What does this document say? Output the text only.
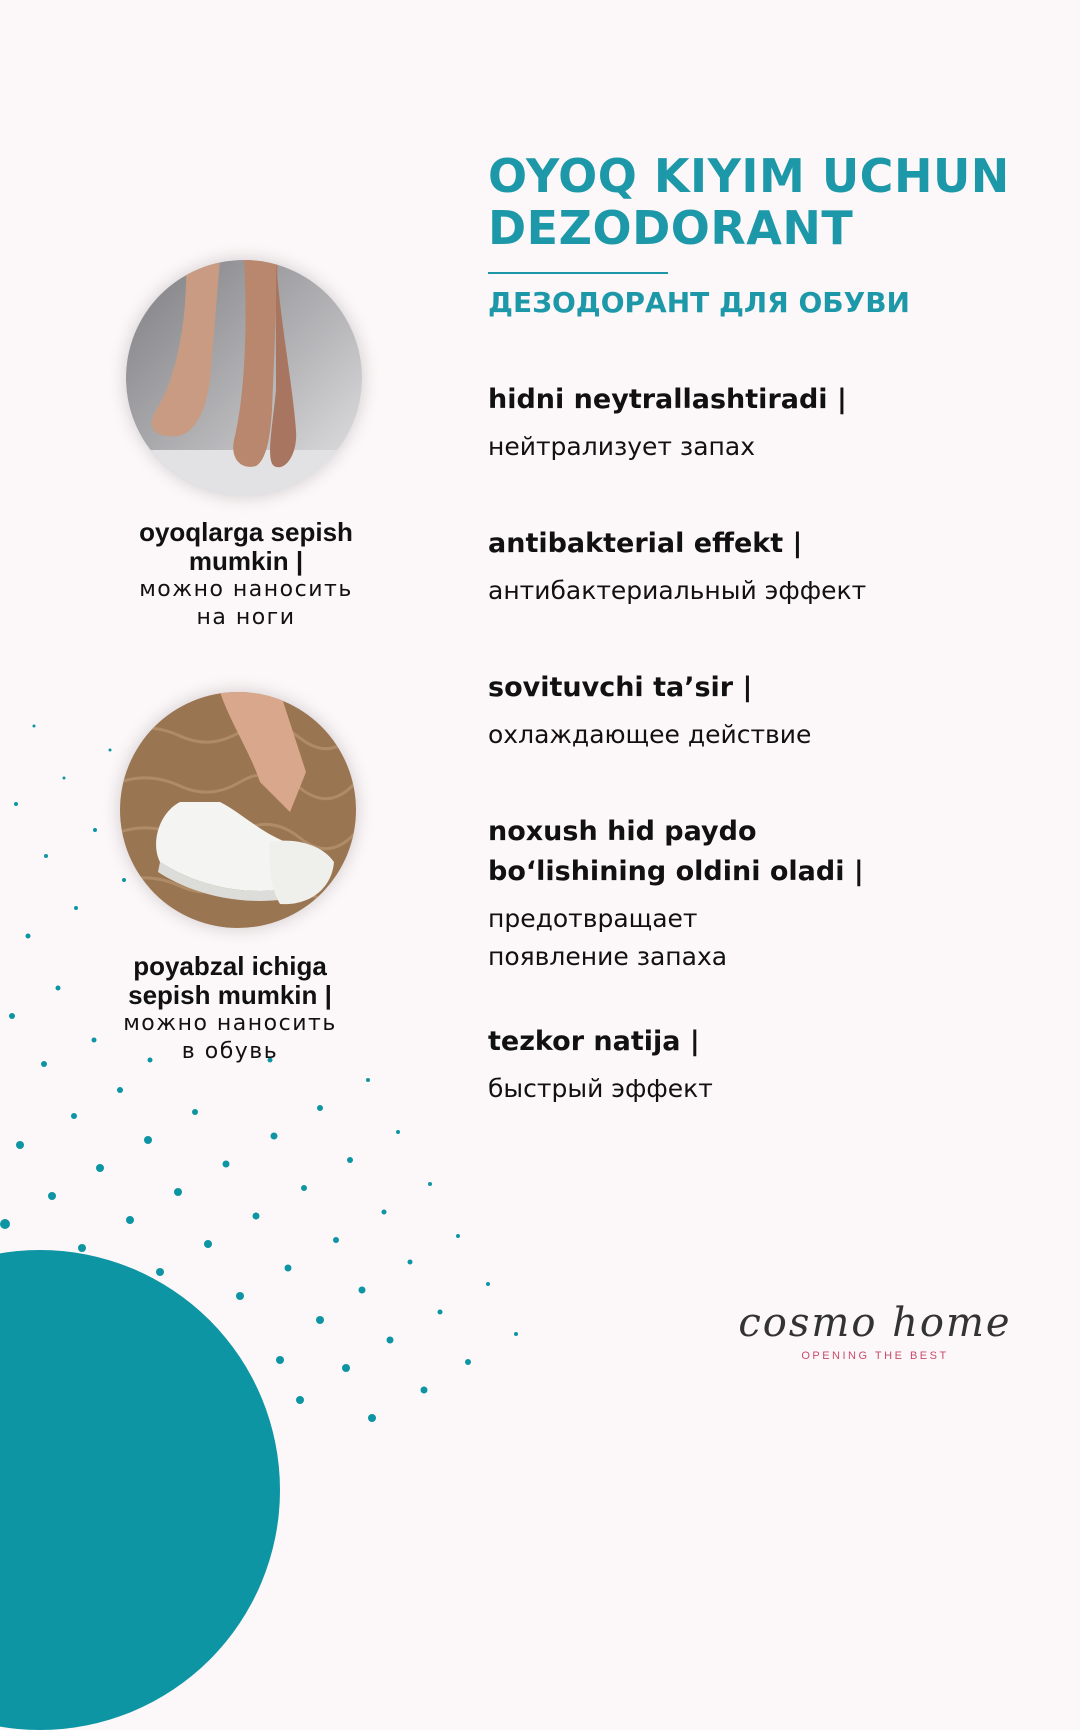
OYOQ KIYIM UCHUN DEZODORANT
ДЕЗОДОРАНТ ДЛЯ ОБУВИ
hidni neytrallashtiradi |
нейтрализует запах
antibakterial effekt |
антибактериальный эффект
sovituvchi ta’sir |
охлаждающее действие
noxush hid paydo
bo‘lishining oldini oladi |
предотвращает
появление запаха
tezkor natija |
быстрый эффект
oyoqlarga sepish
mumkin |
можно наносить
на ноги
poyabzal ichiga
sepish mumkin |
можно наносить
в обувь
cosmo home
OPENING THE BEST
